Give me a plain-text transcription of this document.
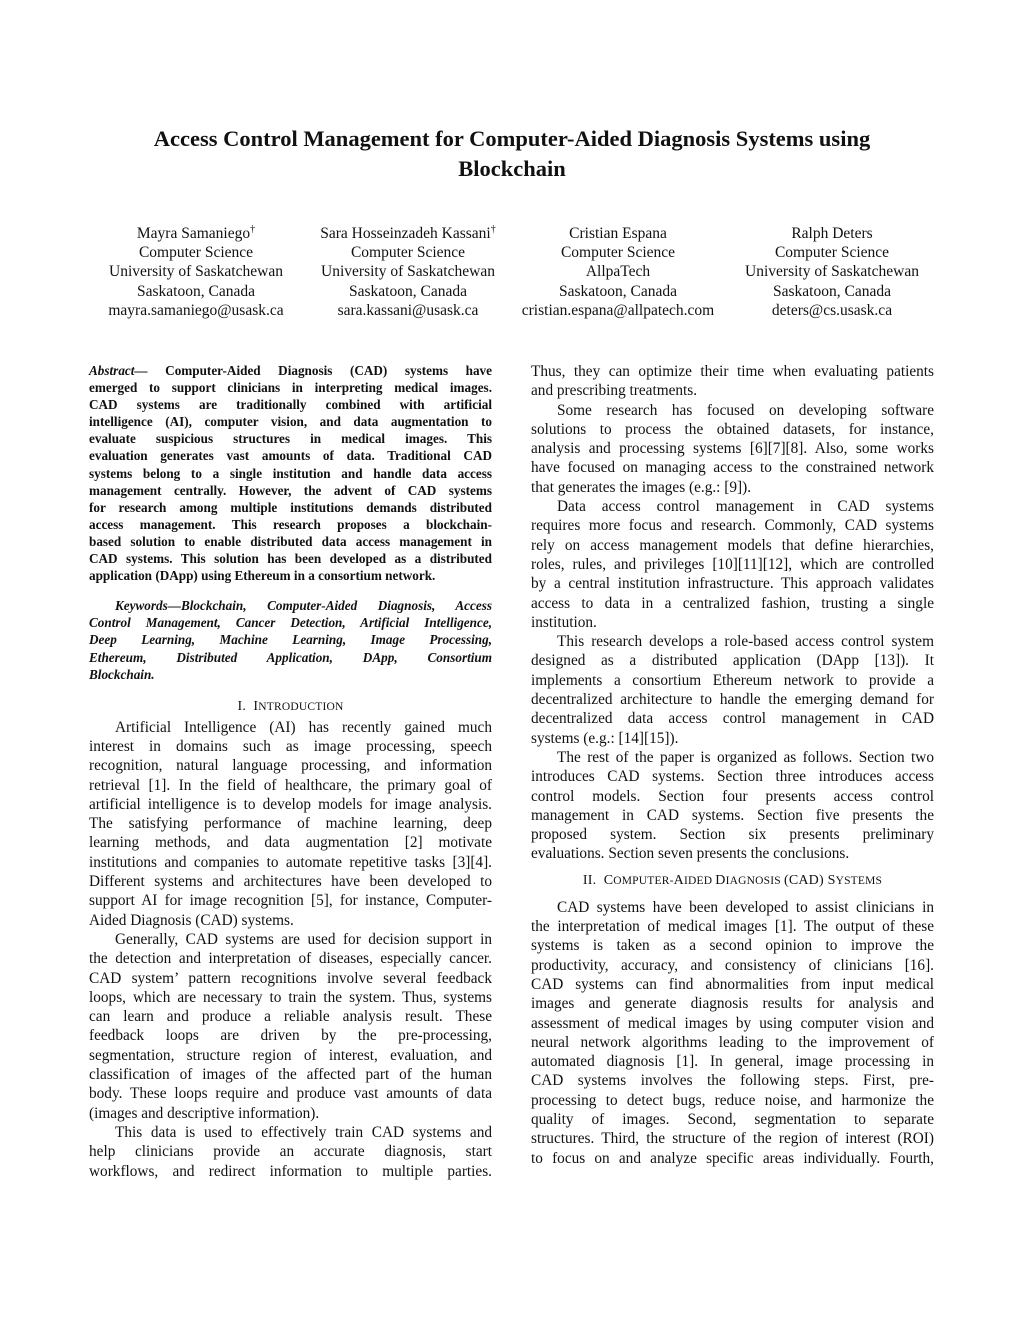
Access Control Management for Computer-Aided Diagnosis Systems using
Blockchain
Mayra Samaniego†
Computer Science
University of Saskatchewan
Saskatoon, Canada
mayra.samaniego@usask.ca
Sara Hosseinzadeh Kassani†
Computer Science
University of Saskatchewan
Saskatoon, Canada
sara.kassani@usask.ca
Cristian Espana
Computer Science
AllpaTech
Saskatoon, Canada
cristian.espana@allpatech.com
Ralph Deters
Computer Science
University of Saskatchewan
Saskatoon, Canada
deters@cs.usask.ca
Abstract— Computer-Aided Diagnosis (CAD) systems have
emerged to support clinicians in interpreting medical images.
CAD systems are traditionally combined with artificial
intelligence (AI), computer vision, and data augmentation to
evaluate suspicious structures in medical images. This
evaluation generates vast amounts of data. Traditional CAD
systems belong to a single institution and handle data access
management centrally. However, the advent of CAD systems
for research among multiple institutions demands distributed
access management. This research proposes a blockchain-
based solution to enable distributed data access management in
CAD systems. This solution has been developed as a distributed
application (DApp) using Ethereum in a consortium network.
Keywords—Blockchain, Computer-Aided Diagnosis, Access
Control Management, Cancer Detection, Artificial Intelligence,
Deep Learning, Machine Learning, Image Processing,
Ethereum, Distributed Application, DApp, Consortium
Blockchain.
I. INTRODUCTION
Artificial Intelligence (AI) has recently gained much
interest in domains such as image processing, speech
recognition, natural language processing, and information
retrieval [1]. In the field of healthcare, the primary goal of
artificial intelligence is to develop models for image analysis.
The satisfying performance of machine learning, deep
learning methods, and data augmentation [2] motivate
institutions and companies to automate repetitive tasks [3][4].
Different systems and architectures have been developed to
support AI for image recognition [5], for instance, Computer-
Aided Diagnosis (CAD) systems.
Generally, CAD systems are used for decision support in
the detection and interpretation of diseases, especially cancer.
CAD system’ pattern recognitions involve several feedback
loops, which are necessary to train the system. Thus, systems
can learn and produce a reliable analysis result. These
feedback loops are driven by the pre-processing,
segmentation, structure region of interest, evaluation, and
classification of images of the affected part of the human
body. These loops require and produce vast amounts of data
(images and descriptive information).
This data is used to effectively train CAD systems and
help clinicians provide an accurate diagnosis, start
workflows, and redirect information to multiple parties.
Thus, they can optimize their time when evaluating patients
and prescribing treatments.
Some research has focused on developing software
solutions to process the obtained datasets, for instance,
analysis and processing systems [6][7][8]. Also, some works
have focused on managing access to the constrained network
that generates the images (e.g.: [9]).
Data access control management in CAD systems
requires more focus and research. Commonly, CAD systems
rely on access management models that define hierarchies,
roles, rules, and privileges [10][11][12], which are controlled
by a central institution infrastructure. This approach validates
access to data in a centralized fashion, trusting a single
institution.
This research develops a role-based access control system
designed as a distributed application (DApp [13]). It
implements a consortium Ethereum network to provide a
decentralized architecture to handle the emerging demand for
decentralized data access control management in CAD
systems (e.g.: [14][15]).
The rest of the paper is organized as follows. Section two
introduces CAD systems. Section three introduces access
control models. Section four presents access control
management in CAD systems. Section five presents the
proposed system. Section six presents preliminary
evaluations. Section seven presents the conclusions.
II. COMPUTER-AIDED DIAGNOSIS (CAD) SYSTEMS
CAD systems have been developed to assist clinicians in
the interpretation of medical images [1]. The output of these
systems is taken as a second opinion to improve the
productivity, accuracy, and consistency of clinicians [16].
CAD systems can find abnormalities from input medical
images and generate diagnosis results for analysis and
assessment of medical images by using computer vision and
neural network algorithms leading to the improvement of
automated diagnosis [1]. In general, image processing in
CAD systems involves the following steps. First, pre-
processing to detect bugs, reduce noise, and harmonize the
quality of images. Second, segmentation to separate
structures. Third, the structure of the region of interest (ROI)
to focus on and analyze specific areas individually. Fourth,
